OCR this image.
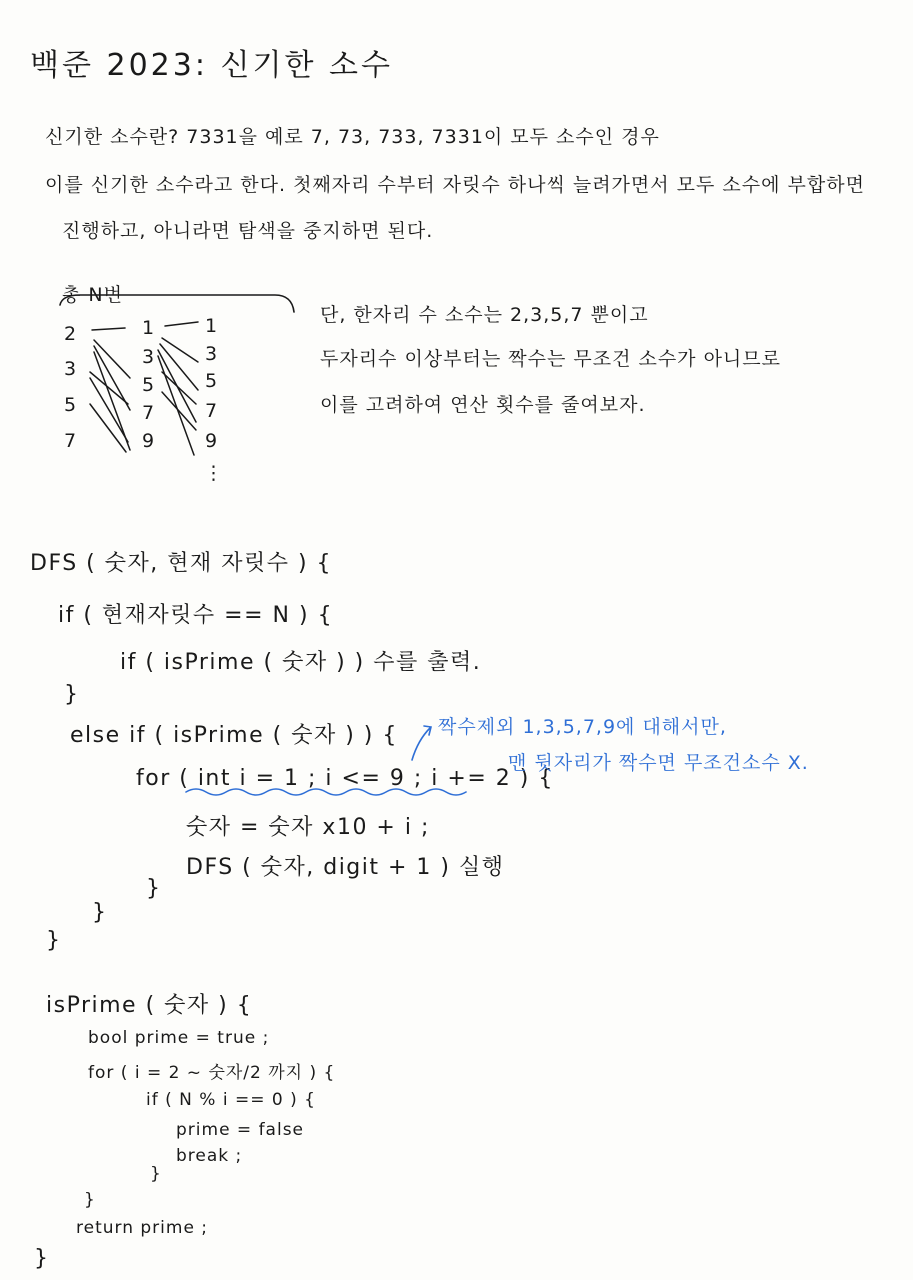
백준 2023: 신기한 소수
신기한 소수란? 7331을 예로 7, 73, 733, 7331이 모두 소수인 경우
이를 신기한 소수라고 한다. 첫째자리 수부터 자릿수 하나씩 늘려가면서 모두 소수에 부합하면
진행하고, 아니라면 탐색을 중지하면 된다.
총 N번
2
3
5
7
1
3
5
7
9
1
3
5
7
9
⋮
단, 한자리 수 소수는 2,3,5,7 뿐이고
두자리수 이상부터는 짝수는 무조건 소수가 아니므로
이를 고려하여 연산 횟수를 줄여보자.
DFS ( 숫자, 현재 자릿수 ) {
if ( 현재자릿수 == N ) {
if ( isPrime ( 숫자 ) ) 수를 출력.
}
else if ( isPrime ( 숫자 ) ) {
for ( int i = 1 ; i <= 9 ; i += 2 ) {
숫자 = 숫자 x10 + i ;
DFS ( 숫자, digit + 1 ) 실행
}
}
}
짝수제외 1,3,5,7,9에 대해서만,
맨 뒷자리가 짝수면 무조건소수 X.
isPrime ( 숫자 ) {
bool prime = true ;
for ( i = 2 ~ 숫자/2 까지 ) {
if ( N % i == 0 ) {
prime = false
break ;
}
}
return prime ;
}
